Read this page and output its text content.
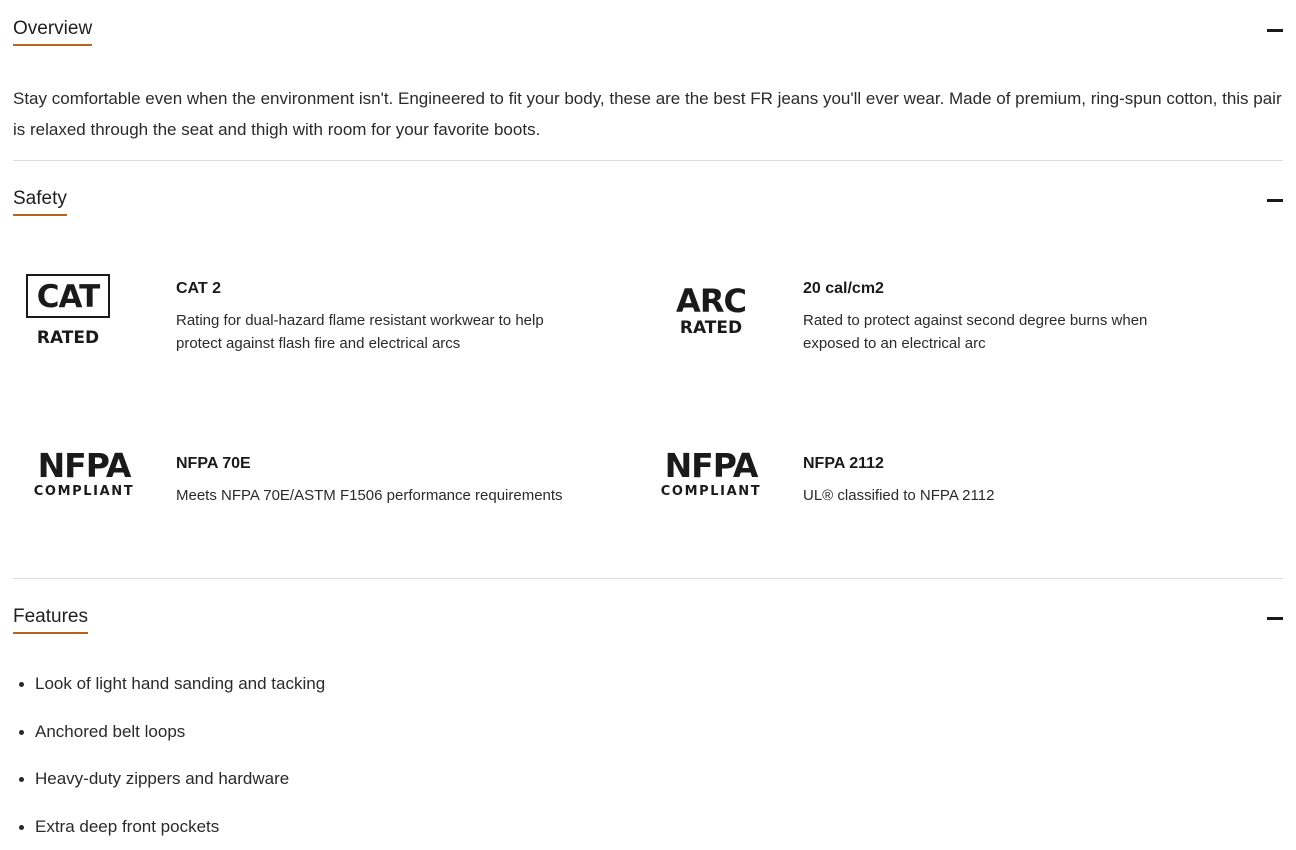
Overview
Stay comfortable even when the environment isn't. Engineered to fit your body, these are the best FR jeans you'll ever wear. Made of premium, ring-spun cotton, this pair is relaxed through the seat and thigh with room for your favorite boots.
Safety
CAT
RATED
CAT 2
Rating for dual-hazard flame resistant workwear to help protect against flash fire and electrical arcs
ARC
RATED
20 cal/cm2
Rated to protect against second degree burns when exposed to an electrical arc
NFPA
COMPLIANT
NFPA 70E
Meets NFPA 70E/ASTM F1506 performance requirements
NFPA
COMPLIANT
NFPA 2112
UL® classified to NFPA 2112
Features
Look of light hand sanding and tacking
Anchored belt loops
Heavy-duty zippers and hardware
Extra deep front pockets
